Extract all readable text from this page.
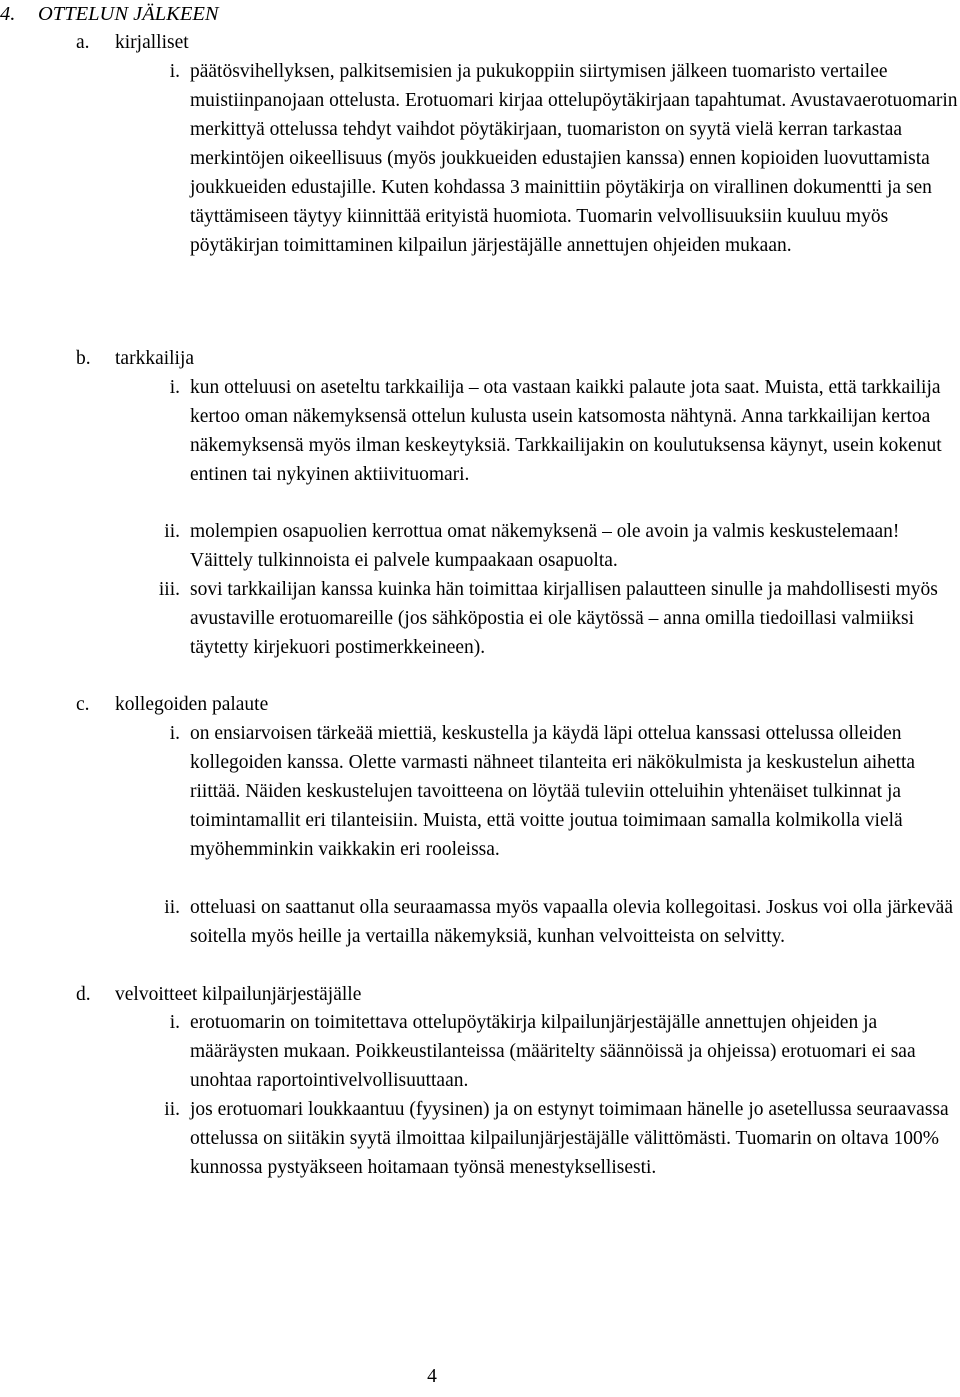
4. OTTELUN JÄLKEEN
a. kirjalliset
i. päätösvihellyksen, palkitsemisien ja pukukoppiin siirtymisen jälkeen tuomaristo vertailee muistiinpanojaan ottelusta. Erotuomari kirjaa ottelupöytäkirjaan tapahtumat. Avustavaerotuomarin merkittyä ottelussa tehdyt vaihdot pöytäkirjaan, tuomariston on syytä vielä kerran tarkastaa merkintöjen oikeellisuus (myös joukkueiden edustajien kanssa) ennen kopioiden luovuttamista joukkueiden edustajille. Kuten kohdassa 3 mainittiin pöytäkirja on virallinen dokumentti ja sen täyttämiseen täytyy kiinnittää erityistä huomiota. Tuomarin velvollisuuksiin kuuluu myös pöytäkirjan toimittaminen kilpailun järjestäjälle annettujen ohjeiden mukaan.
b. tarkkailija
i. kun otteluusi on aseteltu tarkkailija – ota vastaan kaikki palaute jota saat. Muista, että tarkkailija kertoo oman näkemyksensä ottelun kulusta usein katsomosta nähtynä. Anna tarkkailijan kertoa näkemyksensä myös ilman keskeytyksiä. Tarkkailijakin on koulutuksensa käynyt, usein kokenut entinen tai nykyinen aktiivituomari.
ii. molempien osapuolien kerrottua omat näkemyksenä – ole avoin ja valmis keskustelemaan! Väittely tulkinnoista ei palvele kumpaakaan osapuolta.
iii. sovi tarkkailijan kanssa kuinka hän toimittaa kirjallisen palautteen sinulle ja mahdollisesti myös avustaville erotuomareille (jos sähköpostia ei ole käytössä – anna omilla tiedoillasi valmiiksi täytetty kirjekuori postimerkkeineen).
c. kollegoiden palaute
i. on ensiarvoisen tärkeää miettiä, keskustella ja käydä läpi ottelua kanssasi ottelussa olleiden kollegoiden kanssa. Olette varmasti nähneet tilanteita eri näkökulmista ja keskustelun aihetta riittää. Näiden keskustelujen tavoitteena on löytää tuleviin otteluihin yhtenäiset tulkinnat ja toimintamallit eri tilanteisiin. Muista, että voitte joutua toimimaan samalla kolmikolla vielä myöhemminkin vaikkakin eri rooleissa.
ii. otteluasi on saattanut olla seuraamassa myös vapaalla olevia kollegoitasi. Joskus voi olla järkevää soitella myös heille ja vertailla näkemyksiä, kunhan velvoitteista on selvitty.
d. velvoitteet kilpailunjärjestäjälle
i. erotuomarin on toimitettava ottelupöytäkirja kilpailunjärjestäjälle annettujen ohjeiden ja määräysten mukaan. Poikkeustilanteissa (määritelty säännöissä ja ohjeissa) erotuomari ei saa unohtaa raportointivelvollisuuttaan.
ii. jos erotuomari loukkaantuu (fyysinen) ja on estynyt toimimaan hänelle jo asetellussa seuraavassa ottelussa on siitäkin syytä ilmoittaa kilpailunjärjestäjälle välittömästi. Tuomarin on oltava 100% kunnossa pystyäkseen hoitamaan työnsä menestyksellisesti.
4
